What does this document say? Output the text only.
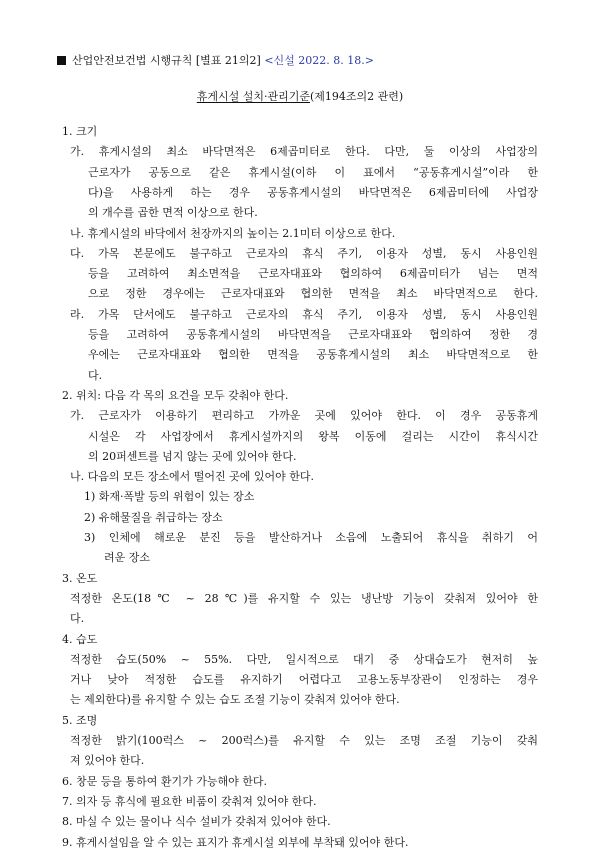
산업안전보건법 시행규칙 [별표 21의2] <신설 2022. 8. 18.>
휴게시설 설치·관리기준(제194조의2 관련)
1. 크기
가. 휴게시설의 최소 바닥면적은 6제곱미터로 한다. 다만, 둘 이상의 사업장의
근로자가 공동으로 같은 휴게시설(이하 이 표에서 “공동휴게시설”이라 한
다)을 사용하게 하는 경우 공동휴게시설의 바닥면적은 6제곱미터에 사업장
의 개수를 곱한 면적 이상으로 한다.
나. 휴게시설의 바닥에서 천장까지의 높이는 2.1미터 이상으로 한다.
다. 가목 본문에도 불구하고 근로자의 휴식 주기, 이용자 성별, 동시 사용인원
등을 고려하여 최소면적을 근로자대표와 협의하여 6제곱미터가 넘는 면적
으로 정한 경우에는 근로자대표와 협의한 면적을 최소 바닥면적으로 한다.
라. 가목 단서에도 불구하고 근로자의 휴식 주기, 이용자 성별, 동시 사용인원
등을 고려하여 공동휴게시설의 바닥면적을 근로자대표와 협의하여 정한 경
우에는 근로자대표와 협의한 면적을 공동휴게시설의 최소 바닥면적으로 한
다.
2. 위치: 다음 각 목의 요건을 모두 갖춰야 한다.
가. 근로자가 이용하기 편리하고 가까운 곳에 있어야 한다. 이 경우 공동휴게
시설은 각 사업장에서 휴게시설까지의 왕복 이동에 걸리는 시간이 휴식시간
의 20퍼센트를 넘지 않는 곳에 있어야 한다.
나. 다음의 모든 장소에서 떨어진 곳에 있어야 한다.
1) 화재·폭발 등의 위험이 있는 장소
2) 유해물질을 취급하는 장소
3) 인체에 해로운 분진 등을 발산하거나 소음에 노출되어 휴식을 취하기 어
려운 장소
3. 온도
적정한 온도(18℃ ~ 28℃)를 유지할 수 있는 냉난방 기능이 갖춰져 있어야 한
다.
4. 습도
적정한 습도(50% ~ 55%. 다만, 일시적으로 대기 중 상대습도가 현저히 높
거나 낮아 적정한 습도를 유지하기 어렵다고 고용노동부장관이 인정하는 경우
는 제외한다)를 유지할 수 있는 습도 조절 기능이 갖춰져 있어야 한다.
5. 조명
적정한 밝기(100럭스 ~ 200럭스)를 유지할 수 있는 조명 조절 기능이 갖춰
져 있어야 한다.
6. 창문 등을 통하여 환기가 가능해야 한다.
7. 의자 등 휴식에 필요한 비품이 갖춰져 있어야 한다.
8. 마실 수 있는 물이나 식수 설비가 갖춰져 있어야 한다.
9. 휴게시설임을 알 수 있는 표지가 휴게시설 외부에 부착돼 있어야 한다.
